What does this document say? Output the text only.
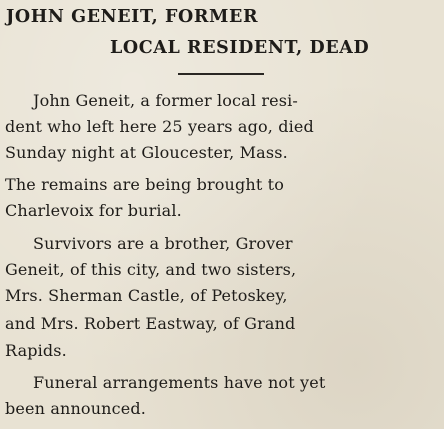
JOHN GENEIT, FORMER
LOCAL RESIDENT, DEAD

John Geneit, a former local resi-
dent who left here 25 years ago, died
Sunday night at Gloucester, Mass.
The remains are being brought to
Charlevoix for burial.

Survivors are a brother, Grover
Geneit, of this city, and two sisters,
Mrs. Sherman Castle, of Petoskey,
and Mrs. Robert Eastway, of Grand
Rapids.

Funeral arrangements have not yet
been announced.
